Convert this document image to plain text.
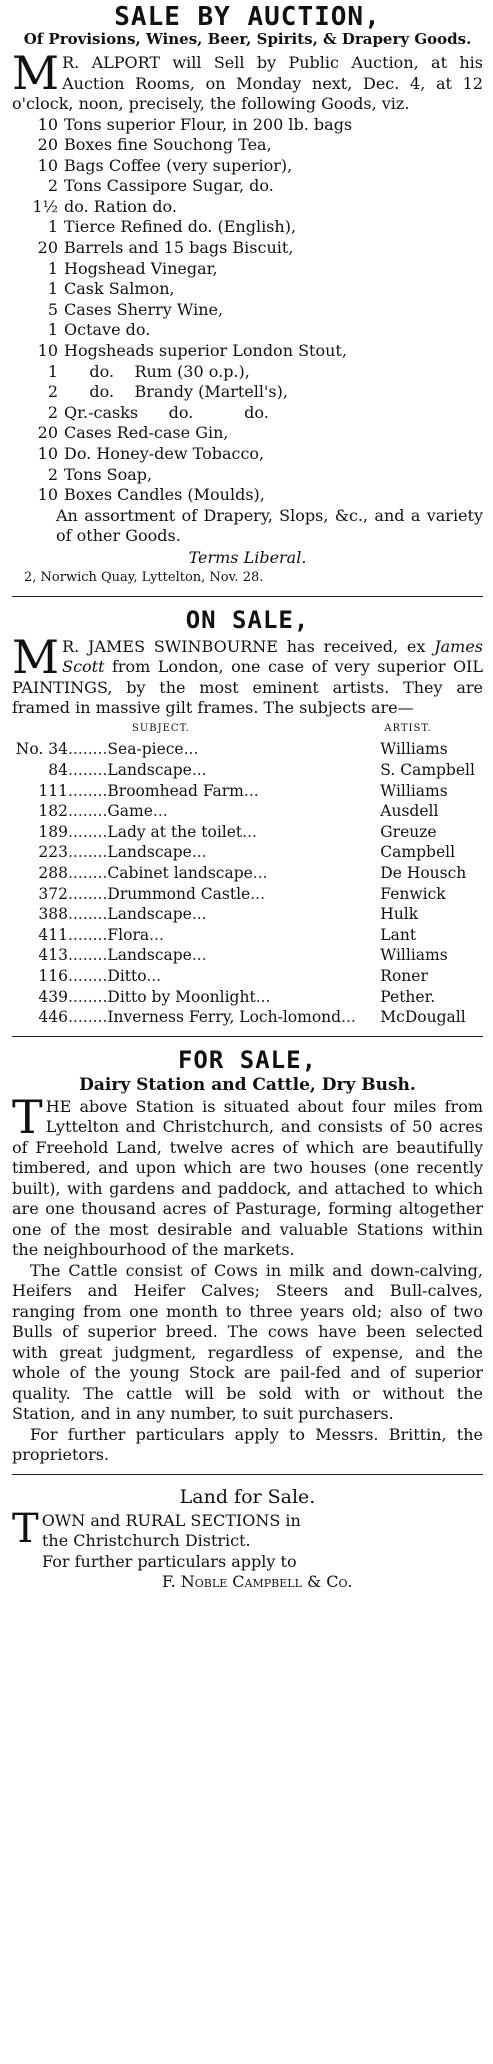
SALE BY AUCTION,
Of Provisions, Wines, Beer, Spirits, & Drapery Goods.

M R. ALPORT will Sell by Public Auction, at his Auction Rooms, on Monday next, Dec. 4, at 12 o'clock, noon, precisely, the following Goods, viz.

10 Tons superior Flour, in 200 lb. bags
20 Boxes fine Souchong Tea,
10 Bags Coffee (very superior),
2 Tons Cassipore Sugar, do.
1½ do. Ration do.
1 Tierce Refined do. (English),
20 Barrels and 15 bags Biscuit,
1 Hogshead Vinegar,
1 Cask Salmon,
5 Cases Sherry Wine,
1 Octave do.
10 Hogsheads superior London Stout,
1 do.    Rum (30 o.p.),
2 do.    Brandy (Martell's),
2 Qr.-casks      do.          do.
20 Cases Red-case Gin,
10 Do. Honey-dew Tobacco,
2 Tons Soap,
10 Boxes Candles (Moulds),

An assortment of Drapery, Slops, &c., and a variety of other Goods.

Terms Liberal.

2, Norwich Quay, Lyttelton, Nov. 28.

ON SALE,

M R. JAMES SWINBOURNE has received, ex James Scott from London, one case of very superior OIL PAINTINGS, by the most eminent artists. They are framed in massive gilt frames. The subjects are—

	SUBJECT.	ARTIST.
No. 34	........Sea-piece...	Williams
84	........Landscape...	S. Campbell
111	........Broomhead Farm...	Williams
182	........Game...	Ausdell
189	........Lady at the toilet...	Greuze
223	........Landscape...	Campbell
288	........Cabinet landscape...	De Housch
372	........Drummond Castle...	Fenwick
388	........Landscape...	Hulk
411	........Flora...	Lant
413	........Landscape...	Williams
116	........Ditto...	Roner
439	........Ditto by Moonlight...	Pether.
446	........Inverness Ferry, Loch-lomond...	McDougall
FOR SALE,
Dairy Station and Cattle, Dry Bush.

THE above Station is situated about four miles from Lyttelton and Christchurch, and consists of 50 acres of Freehold Land, twelve acres of which are beautifully timbered, and upon which are two houses (one recently built), with gardens and paddock, and attached to which are one thousand acres of Pasturage, forming altogether one of the most desirable and valuable Stations within the neighbourhood of the markets.

The Cattle consist of Cows in milk and down-calving, Heifers and Heifer Calves; Steers and Bull-calves, ranging from one month to three years old; also of two Bulls of superior breed. The cows have been selected with great judgment, regardless of expense, and the whole of the young Stock are pail-fed and of superior quality. The cattle will be sold with or without the Station, and in any number, to suit purchasers.

For further particulars apply to Messrs. Brittin, the proprietors.

Land for Sale.

TOWN and RURAL SECTIONS in

the Christchurch District.

For further particulars apply to

F. Noble Campbell & Co.
